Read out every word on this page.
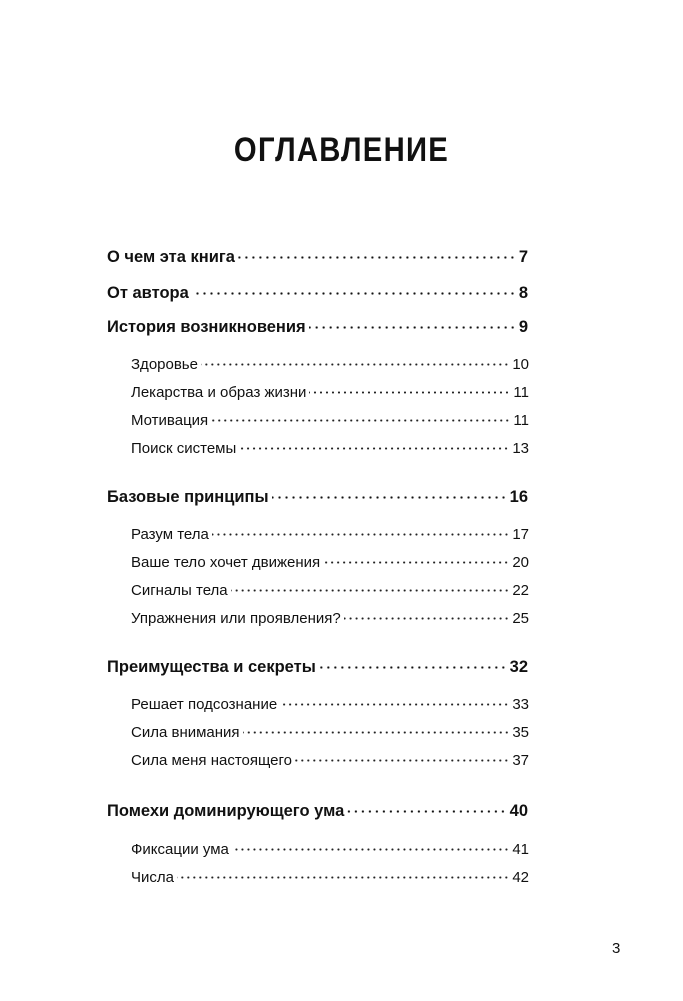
ОГЛАВЛЕНИЕ
О чем эта книга	7
От автора	8
История возникновения	9
Здоровье	10
Лекарства и образ жизни	11
Мотивация	11
Поиск системы	13
Базовые принципы	16
Разум тела	17
Ваше тело хочет движения	20
Сигналы тела	22
Упражнения или проявления?	25
Преимущества и секреты	32
Решает подсознание	33
Сила внимания	35
Сила меня настоящего	37
Помехи доминирующего ума	40
Фиксации ума	41
Числа	42
3
